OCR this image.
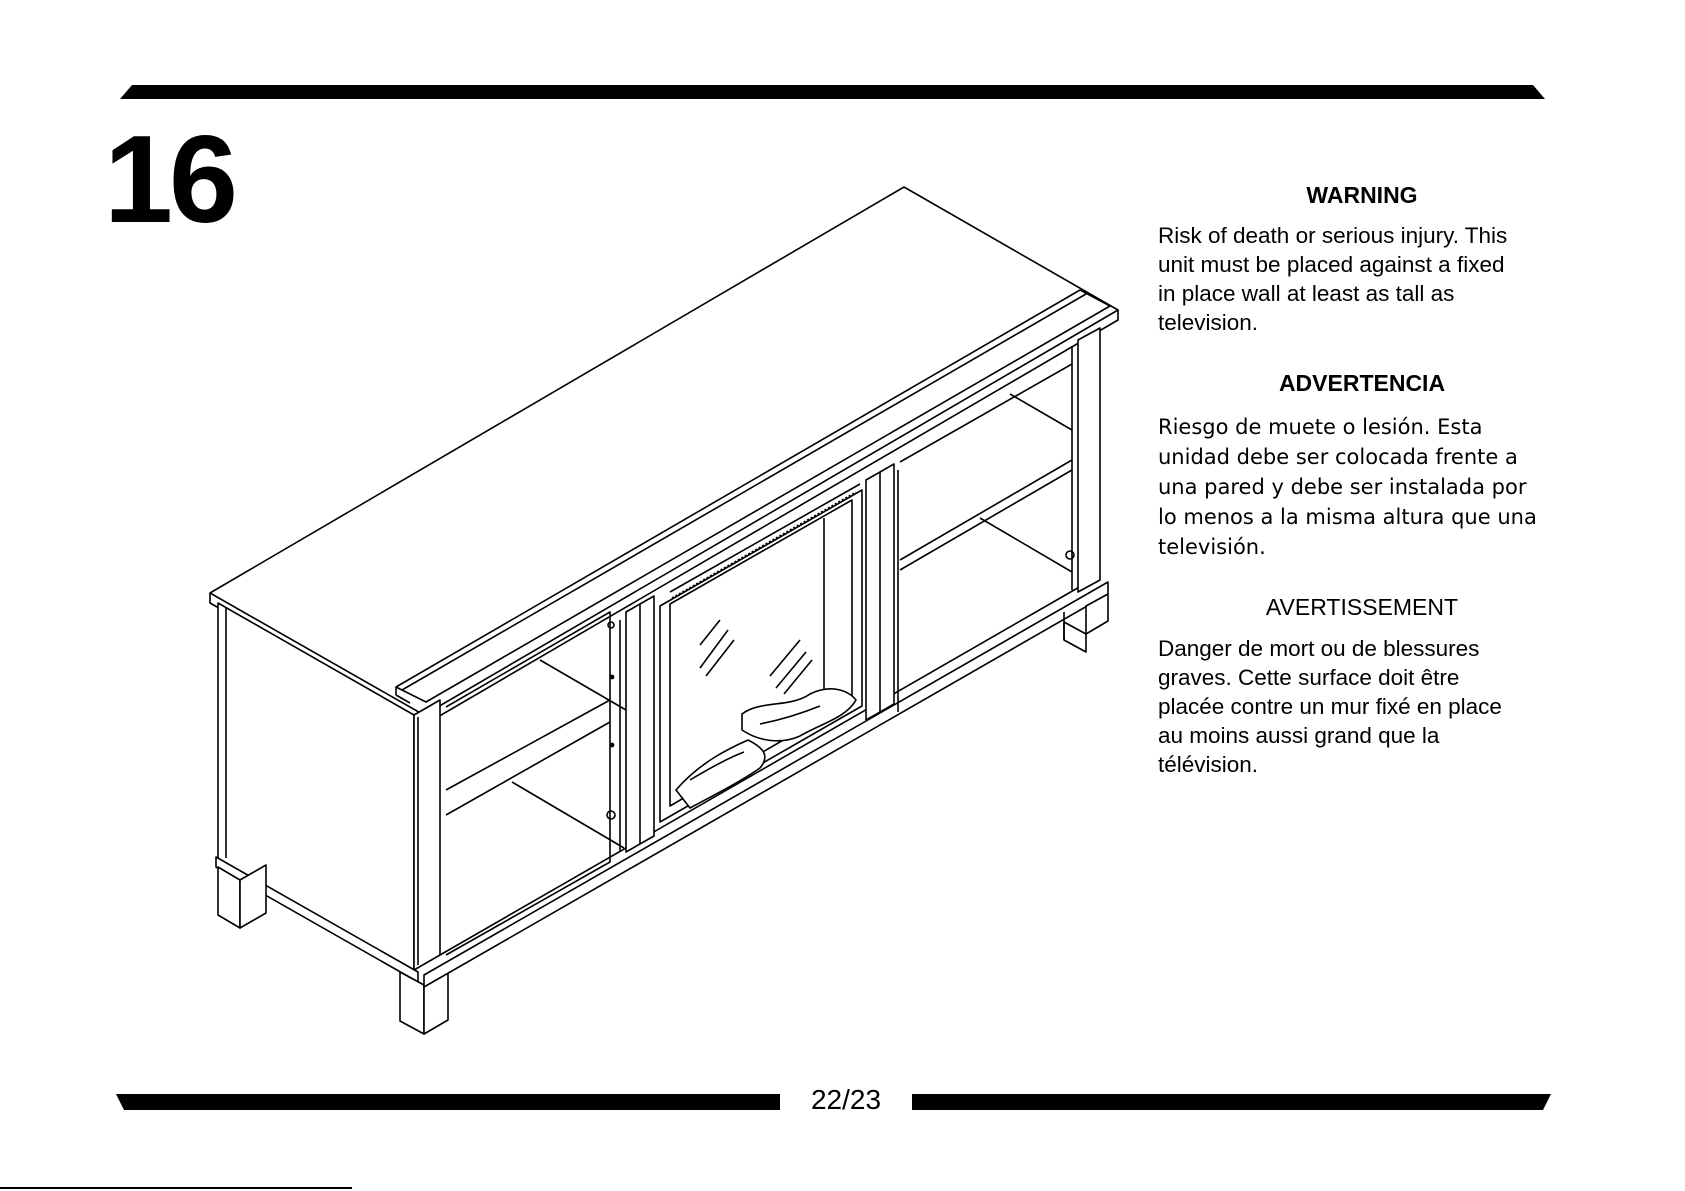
16	WARNING

Risk of death or serious injury. This
unit must be placed against a fixed
in place wall at least as tall as
television.

ADVERTENCIA

Riesgo de muete o lesión. Esta
unidad debe ser colocada frente a
una pared y debe ser instalada por
lo menos a la misma altura que una
televisión.

AVERTISSEMENT

Danger de mort ou de blessures
graves. Cette surface doit être
placée contre un mur fixé en place
au moins aussi grand que la
télévision.

22/23
